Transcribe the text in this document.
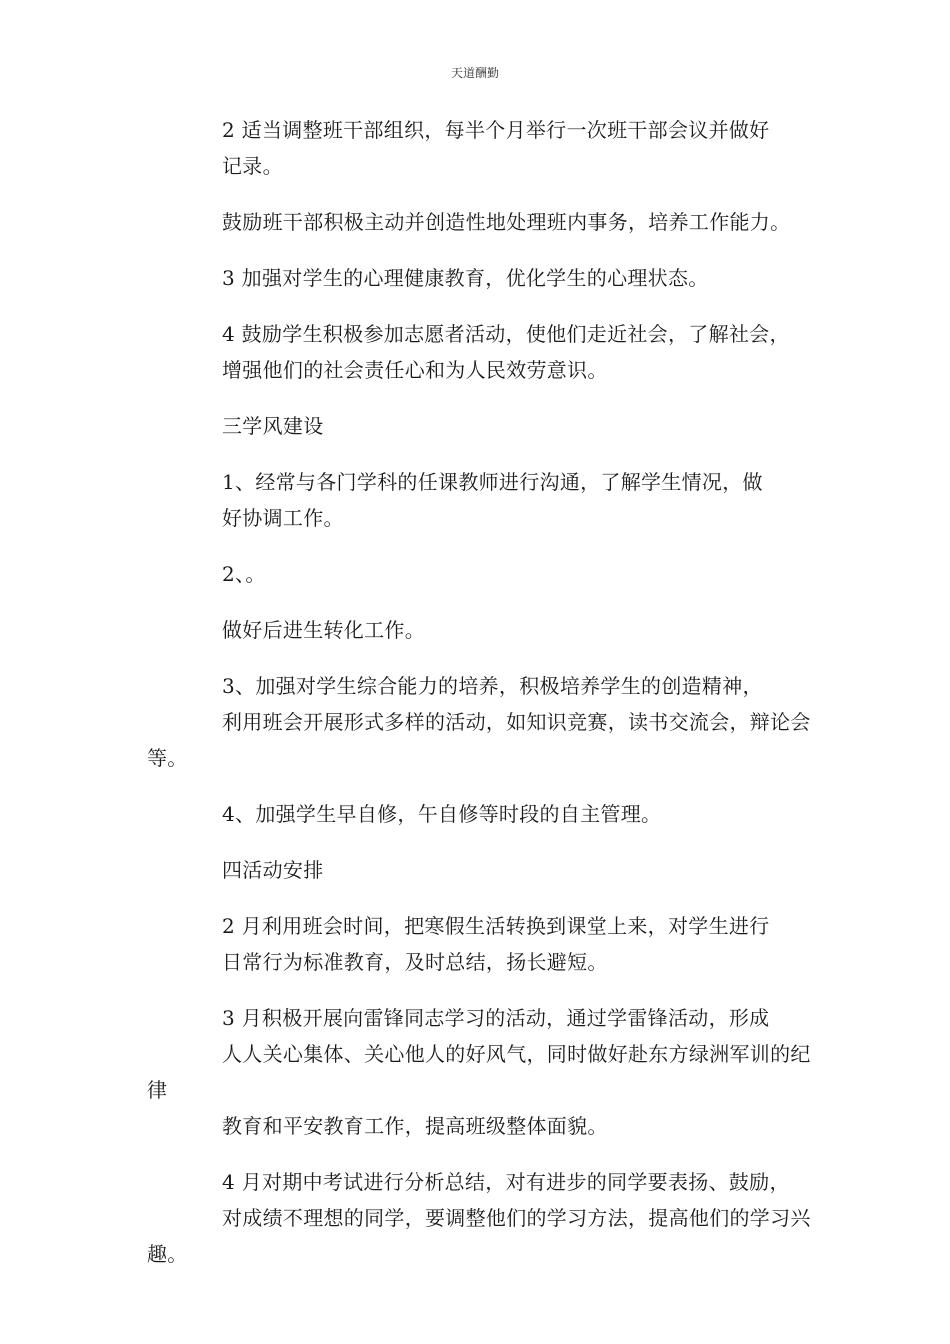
天道酬勤

2 适当调整班干部组织，每半个月举行一次班干部会议并做好
记录。

鼓励班干部积极主动并创造性地处理班内事务，培养工作能力。

3 加强对学生的心理健康教育，优化学生的心理状态。

4 鼓励学生积极参加志愿者活动，使他们走近社会，了解社会，
增强他们的社会责任心和为人民效劳意识。

三学风建设

1、经常与各门学科的任课教师进行沟通，了解学生情况，做
好协调工作。

2、。

做好后进生转化工作。

3、加强对学生综合能力的培养，积极培养学生的创造精神，
利用班会开展形式多样的活动，如知识竞赛，读书交流会，辩论会等。

4、加强学生早自修，午自修等时段的自主管理。

四活动安排

2 月利用班会时间，把寒假生活转换到课堂上来，对学生进行
日常行为标准教育，及时总结，扬长避短。

3 月积极开展向雷锋同志学习的活动，通过学雷锋活动，形成
人人关心集体、关心他人的好风气，同时做好赴东方绿洲军训的纪律
教育和平安教育工作，提高班级整体面貌。

4 月对期中考试进行分析总结，对有进步的同学要表扬、鼓励，
对成绩不理想的同学，要调整他们的学习方法，提高他们的学习兴趣。
